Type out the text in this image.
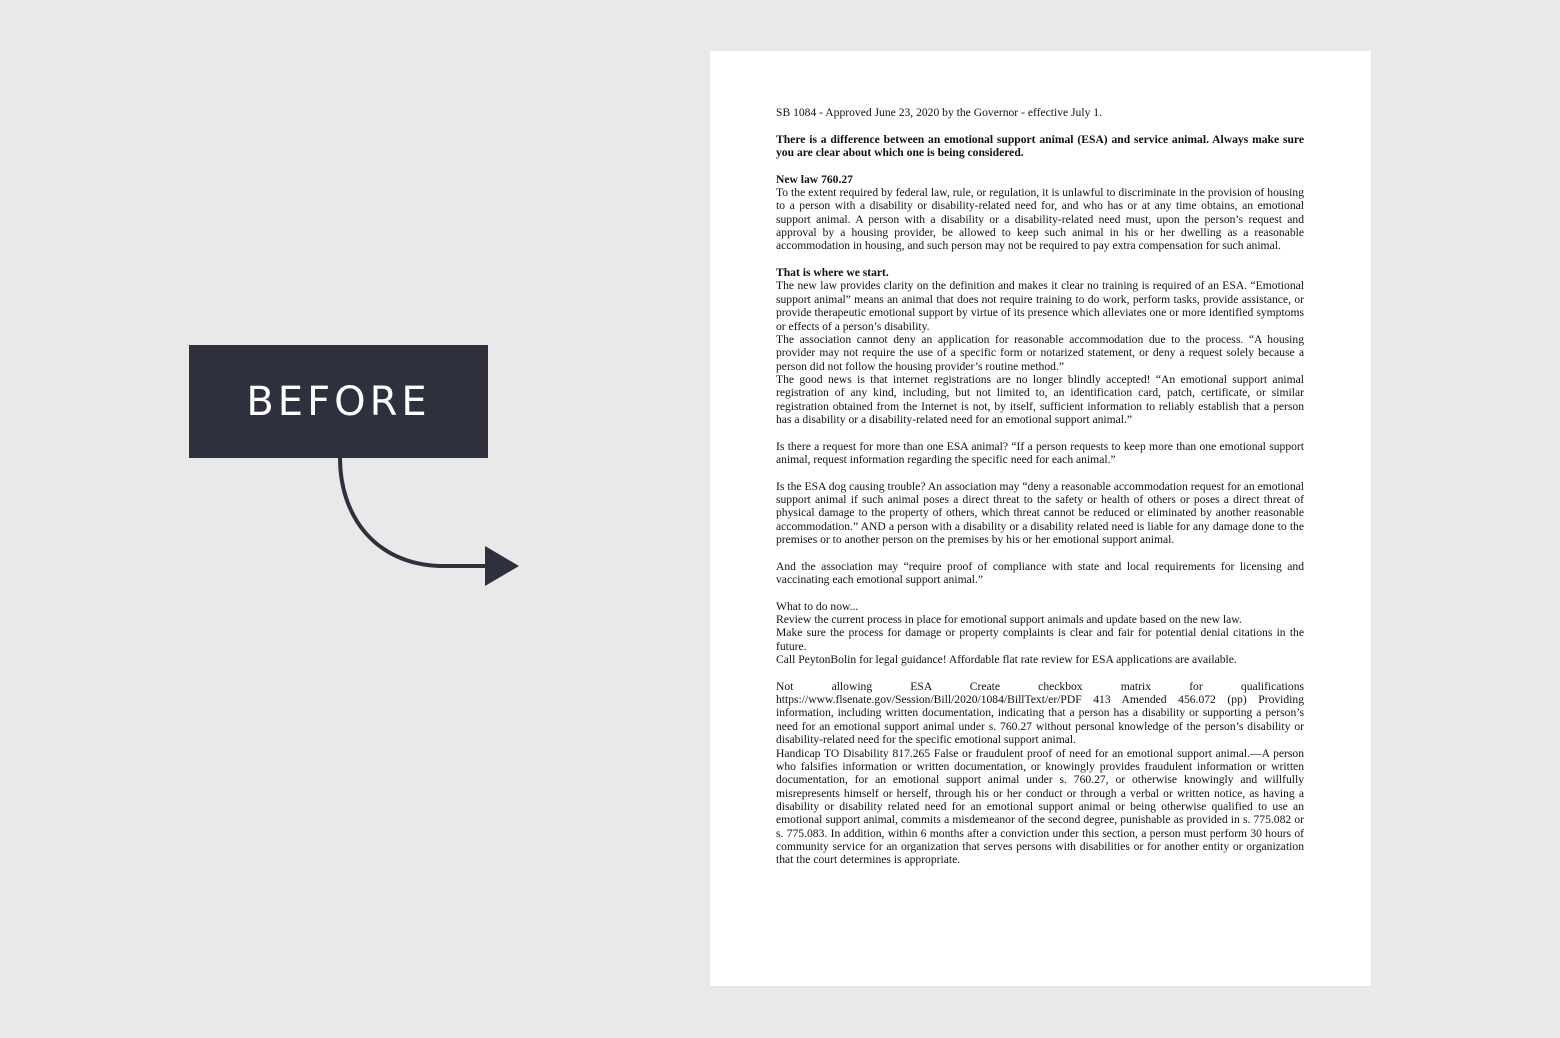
BEFORE

SB 1084 - Approved June 23, 2020 by the Governor - effective July 1.

There is a difference between an emotional support animal (ESA) and service animal. Always make sure you are clear about which one is being considered.

New law 760.27

To the extent required by federal law, rule, or regulation, it is unlawful to discriminate in the provision of housing to a person with a disability or disability-related need for, and who has or at any time obtains, an emotional support animal. A person with a disability or a disability-related need must, upon the person’s request and approval by a housing provider, be allowed to keep such animal in his or her dwelling as a reasonable accommodation in housing, and such person may not be required to pay extra compensation for such animal.

That is where we start.

The new law provides clarity on the definition and makes it clear no training is required of an ESA. “Emotional support animal” means an animal that does not require training to do work, perform tasks, provide assistance, or provide therapeutic emotional support by virtue of its presence which alleviates one or more identified symptoms or effects of a person’s disability.

The association cannot deny an application for reasonable accommodation due to the process. “A housing provider may not require the use of a specific form or notarized statement, or deny a request solely because a person did not follow the housing provider’s routine method.”

The good news is that internet registrations are no longer blindly accepted! “An emotional support animal registration of any kind, including, but not limited to, an identification card, patch, certificate, or similar registration obtained from the Internet is not, by itself, sufficient information to reliably establish that a person has a disability or a disability-related need for an emotional support animal.”

Is there a request for more than one ESA animal? “If a person requests to keep more than one emotional support animal, request information regarding the specific need for each animal.”

Is the ESA dog causing trouble? An association may “deny a reasonable accommodation request for an emotional support animal if such animal poses a direct threat to the safety or health of others or poses a direct threat of physical damage to the property of others, which threat cannot be reduced or eliminated by another reasonable accommodation.” AND a person with a disability or a disability related need is liable for any damage done to the premises or to another person on the premises by his or her emotional support animal.

And the association may “require proof of compliance with state and local requirements for licensing and vaccinating each emotional support animal.”

What to do now...

Review the current process in place for emotional support animals and update based on the new law.

Make sure the process for damage or property complaints is clear and fair for potential denial citations in the future.

Call PeytonBolin for legal guidance! Affordable flat rate review for ESA applications are available.

Not allowing ESA Create checkbox matrix for qualifications https://www.flsenate.gov/Session/Bill/2020/1084/BillText/er/PDF 413 Amended 456.072 (pp) Providing information, including written documentation, indicating that a person has a disability or supporting a person’s need for an emotional support animal under s. 760.27 without personal knowledge of the person’s disability or disability-related need for the specific emotional support animal.

Handicap TO Disability 817.265 False or fraudulent proof of need for an emotional support animal.—A person who falsifies information or written documentation, or knowingly provides fraudulent information or written documentation, for an emotional support animal under s. 760.27, or otherwise knowingly and willfully misrepresents himself or herself, through his or her conduct or through a verbal or written notice, as having a disability or disability related need for an emotional support animal or being otherwise qualified to use an emotional support animal, commits a misdemeanor of the second degree, punishable as provided in s. 775.082 or s. 775.083. In addition, within 6 months after a conviction under this section, a person must perform 30 hours of community service for an organization that serves persons with disabilities or for another entity or organization that the court determines is appropriate.
